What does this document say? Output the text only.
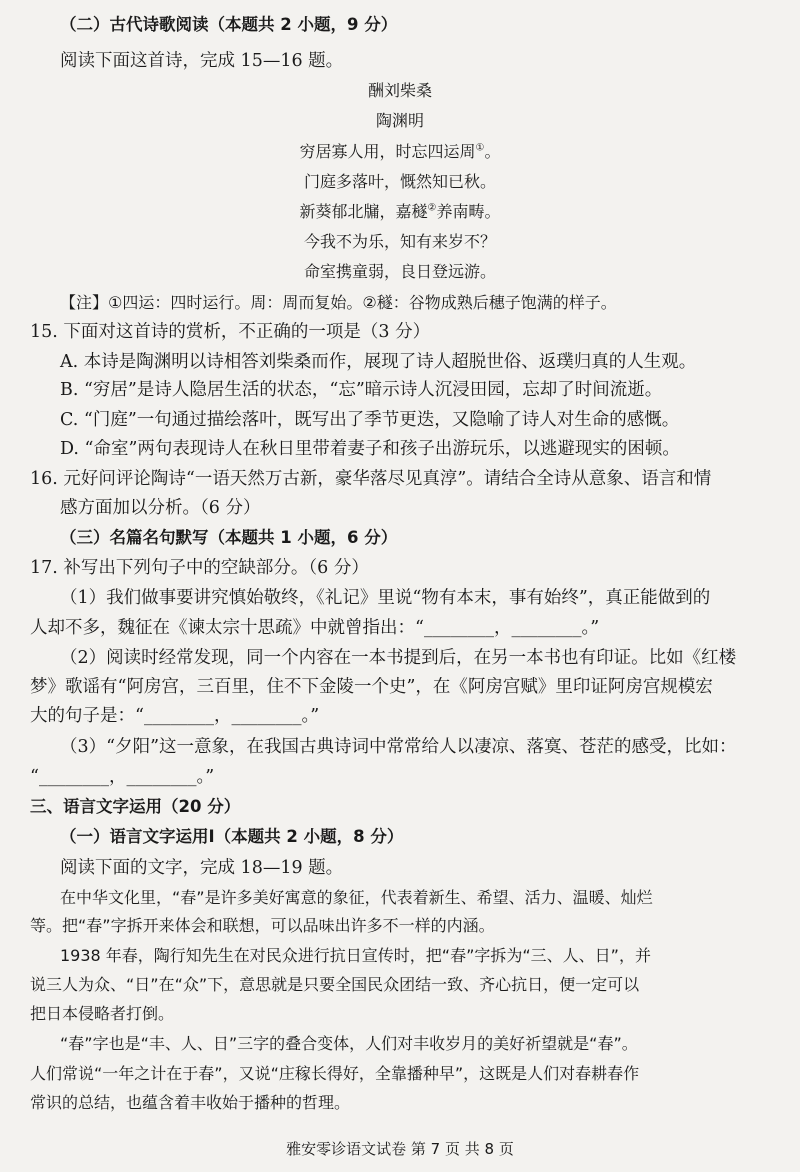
（二）古代诗歌阅读（本题共 2 小题，9 分）
阅读下面这首诗，完成 15—16 题。
酬刘柴桑
陶渊明
穷居寡人用，时忘四运周①。
门庭多落叶，慨然知已秋。
新葵郁北牖，嘉穟②养南畴。
今我不为乐，知有来岁不？
命室携童弱，良日登远游。
【注】①四运：四时运行。周：周而复始。②穟：谷物成熟后穗子饱满的样子。
15. 下面对这首诗的赏析，不正确的一项是（3 分）
A. 本诗是陶渊明以诗相答刘柴桑而作，展现了诗人超脱世俗、返璞归真的人生观。
B. “穷居”是诗人隐居生活的状态，“忘”暗示诗人沉浸田园，忘却了时间流逝。
C. “门庭”一句通过描绘落叶，既写出了季节更迭，又隐喻了诗人对生命的感慨。
D. “命室”两句表现诗人在秋日里带着妻子和孩子出游玩乐，以逃避现实的困顿。
16. 元好问评论陶诗“一语天然万古新，豪华落尽见真淳”。请结合全诗从意象、语言和情
感方面加以分析。（6 分）
（三）名篇名句默写（本题共 1 小题，6 分）
17. 补写出下列句子中的空缺部分。（6 分）
（1）我们做事要讲究慎始敬终，《礼记》里说“物有本末，事有始终”，真正能做到的
人却不多，魏征在《谏太宗十思疏》中就曾指出：“________，________。”
（2）阅读时经常发现，同一个内容在一本书提到后，在另一本书也有印证。比如《红楼
梦》歌谣有“阿房宫，三百里，住不下金陵一个史”，在《阿房宫赋》里印证阿房宫规模宏
大的句子是：“________，________。”
（3）“夕阳”这一意象，在我国古典诗词中常常给人以凄凉、落寞、苍茫的感受，比如：
“________，________。”
三、语言文字运用（20 分）
（一）语言文字运用Ⅰ（本题共 2 小题，8 分）
阅读下面的文字，完成 18—19 题。
在中华文化里，“春”是许多美好寓意的象征，代表着新生、希望、活力、温暖、灿烂
等。把“春”字拆开来体会和联想，可以品味出许多不一样的内涵。
1938 年春，陶行知先生在对民众进行抗日宣传时，把“春”字拆为“三、人、日”，并
说三人为众、“日”在“众”下，意思就是只要全国民众团结一致、齐心抗日，便一定可以
把日本侵略者打倒。
“春”字也是“丰、人、日”三字的叠合变体，人们对丰收岁月的美好祈望就是“春”。
人们常说“一年之计在于春”，又说“庄稼长得好，全靠播种早”，这既是人们对春耕春作
常识的总结，也蕴含着丰收始于播种的哲理。
雅安零诊语文试卷 第 7 页 共 8 页
